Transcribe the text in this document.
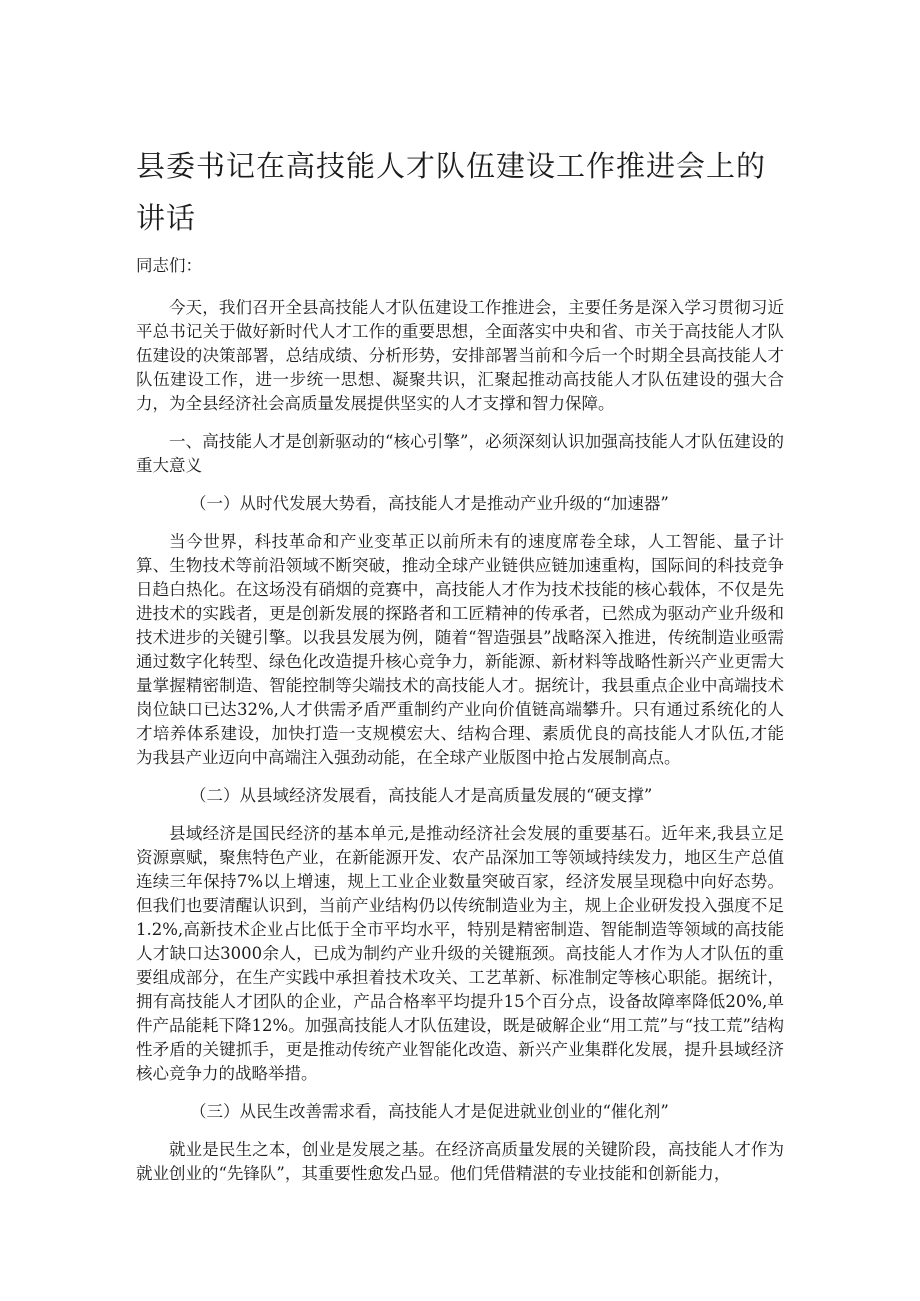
县委书记在高技能人才队伍建设工作推进会上的讲话

同志们：

今天，我们召开全县高技能人才队伍建设工作推进会，主要任务是深入学习贯彻习近平总书记关于做好新时代人才工作的重要思想，全面落实中央和省、市关于高技能人才队伍建设的决策部署，总结成绩、分析形势，安排部署当前和今后一个时期全县高技能人才队伍建设工作，进一步统一思想、凝聚共识，汇聚起推动高技能人才队伍建设的强大合力，为全县经济社会高质量发展提供坚实的人才支撑和智力保障。

一、高技能人才是创新驱动的“核心引擎”，必须深刻认识加强高技能人才队伍建设的重大意义

（一）从时代发展大势看，高技能人才是推动产业升级的“加速器”

当今世界，科技革命和产业变革正以前所未有的速度席卷全球，人工智能、量子计算、生物技术等前沿领域不断突破，推动全球产业链供应链加速重构，国际间的科技竞争日趋白热化。在这场没有硝烟的竞赛中，高技能人才作为技术技能的核心载体，不仅是先进技术的实践者，更是创新发展的探路者和工匠精神的传承者，已然成为驱动产业升级和技术进步的关键引擎。以我县发展为例，随着“智造强县”战略深入推进，传统制造业亟需通过数字化转型、绿色化改造提升核心竞争力，新能源、新材料等战略性新兴产业更需大量掌握精密制造、智能控制等尖端技术的高技能人才。据统计，我县重点企业中高端技术岗位缺口已达32%,人才供需矛盾严重制约产业向价值链高端攀升。只有通过系统化的人才培养体系建设，加快打造一支规模宏大、结构合理、素质优良的高技能人才队伍,才能为我县产业迈向中高端注入强劲动能，在全球产业版图中抢占发展制高点。

（二）从县域经济发展看，高技能人才是高质量发展的“硬支撑”

县域经济是国民经济的基本单元,是推动经济社会发展的重要基石。近年来,我县立足资源禀赋，聚焦特色产业，在新能源开发、农产品深加工等领域持续发力，地区生产总值连续三年保持7%以上增速，规上工业企业数量突破百家，经济发展呈现稳中向好态势。但我们也要清醒认识到，当前产业结构仍以传统制造业为主，规上企业研发投入强度不足1.2%,高新技术企业占比低于全市平均水平，特别是精密制造、智能制造等领域的高技能人才缺口达3000余人，已成为制约产业升级的关键瓶颈。高技能人才作为人才队伍的重要组成部分，在生产实践中承担着技术攻关、工艺革新、标准制定等核心职能。据统计，拥有高技能人才团队的企业，产品合格率平均提升15个百分点，设备故障率降低20%,单件产品能耗下降12%。加强高技能人才队伍建设，既是破解企业“用工荒”与“技工荒”结构性矛盾的关键抓手，更是推动传统产业智能化改造、新兴产业集群化发展，提升县域经济核心竞争力的战略举措。

（三）从民生改善需求看，高技能人才是促进就业创业的“催化剂”

就业是民生之本，创业是发展之基。在经济高质量发展的关键阶段，高技能人才作为就业创业的“先锋队”，其重要性愈发凸显。他们凭借精湛的专业技能和创新能力，
